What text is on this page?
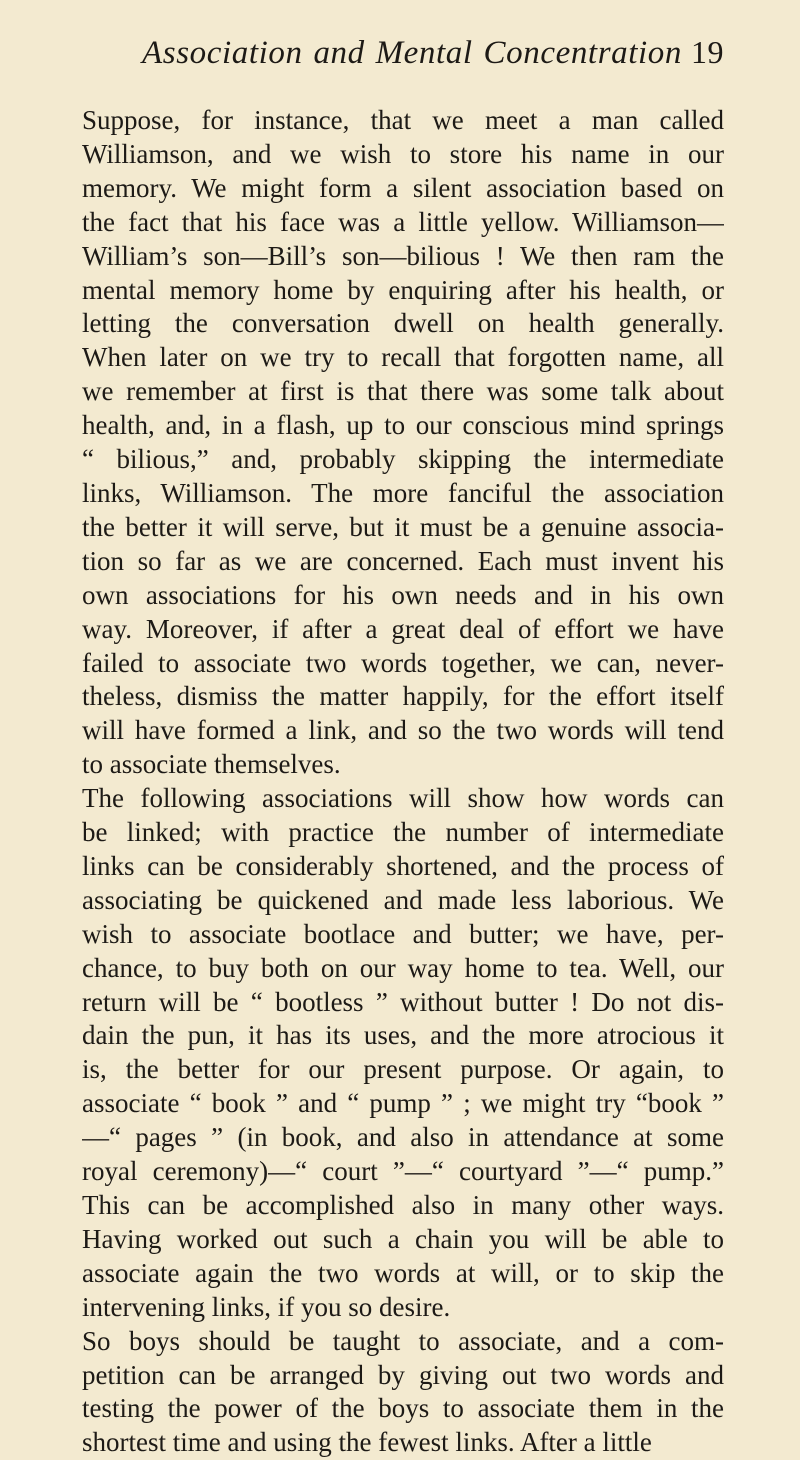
Association and Mental Concentration 19

Suppose, for instance, that we meet a man called
Williamson, and we wish to store his name in our
memory. We might form a silent association based on
the fact that his face was a little yellow. Williamson—
William’s son—Bill’s son—bilious ! We then ram the
mental memory home by enquiring after his health, or
letting the conversation dwell on health generally.
When later on we try to recall that forgotten name, all
we remember at first is that there was some talk about
health, and, in a flash, up to our conscious mind springs
“ bilious,” and, probably skipping the intermediate
links, Williamson. The more fanciful the association
the better it will serve, but it must be a genuine associa-
tion so far as we are concerned. Each must invent his
own associations for his own needs and in his own
way. Moreover, if after a great deal of effort we have
failed to associate two words together, we can, never-
theless, dismiss the matter happily, for the effort itself
will have formed a link, and so the two words will tend
to associate themselves.

The following associations will show how words can
be linked; with practice the number of intermediate
links can be considerably shortened, and the process of
associating be quickened and made less laborious. We
wish to associate bootlace and butter; we have, per-
chance, to buy both on our way home to tea. Well, our
return will be “ bootless ” without butter ! Do not dis-
dain the pun, it has its uses, and the more atrocious it
is, the better for our present purpose. Or again, to
associate “ book ” and “ pump ” ; we might try “book ”
—“ pages ” (in book, and also in attendance at some
royal ceremony)—“ court ”—“ courtyard ”—“ pump.”
This can be accomplished also in many other ways.
Having worked out such a chain you will be able to
associate again the two words at will, or to skip the
intervening links, if you so desire.

So boys should be taught to associate, and a com-
petition can be arranged by giving out two words and
testing the power of the boys to associate them in the
shortest time and using the fewest links. After a little
